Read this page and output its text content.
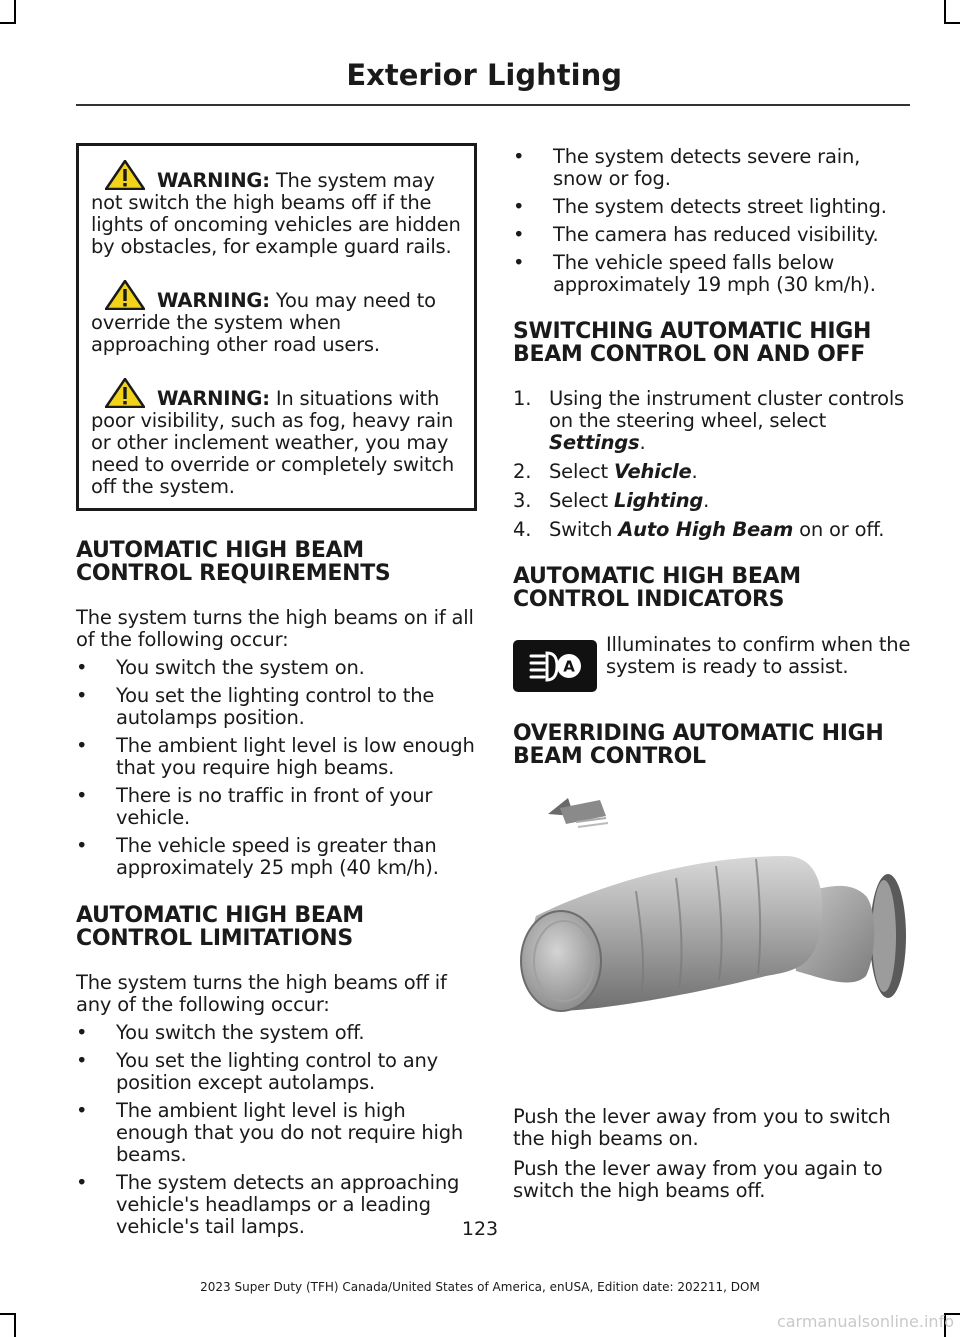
Exterior Lighting
WARNING: The system may not switch the high beams off if the lights of oncoming vehicles are hidden by obstacles, for example guard rails.
WARNING: You may need to override the system when approaching other road users.
WARNING: In situations with poor visibility, such as fog, heavy rain or other inclement weather, you may need to override or completely switch off the system.
AUTOMATIC HIGH BEAM CONTROL REQUIREMENTS

The system turns the high beams on if all of the following occur:

• You switch the system on.
• You set the lighting control to the autolamps position.
• The ambient light level is low enough that you require high beams.
• There is no traffic in front of your vehicle.
• The vehicle speed is greater than approximately 25 mph (40 km/h).
AUTOMATIC HIGH BEAM CONTROL LIMITATIONS

The system turns the high beams off if any of the following occur:

• You switch the system off.
• You set the lighting control to any position except autolamps.
• The ambient light level is high enough that you do not require high beams.
• The system detects an approaching vehicle's headlamps or a leading vehicle's tail lamps.
• The system detects severe rain, snow or fog.
• The system detects street lighting.
• The camera has reduced visibility.
• The vehicle speed falls below approximately 19 mph (30 km/h).
SWITCHING AUTOMATIC HIGH BEAM CONTROL ON AND OFF
1. Using the instrument cluster controls on the steering wheel, select Settings.
2. Select Vehicle.
3. Select Lighting.
4. Switch Auto High Beam on or off.
AUTOMATIC HIGH BEAM CONTROL INDICATORS
A
Illuminates to confirm when the system is ready to assist.
OVERRIDING AUTOMATIC HIGH BEAM CONTROL

Push the lever away from you to switch the high beams on.

Push the lever away from you again to switch the high beams off.

123
2023 Super Duty (TFH) Canada/United States of America, enUSA, Edition date: 202211, DOM
carmanualsonline.info
